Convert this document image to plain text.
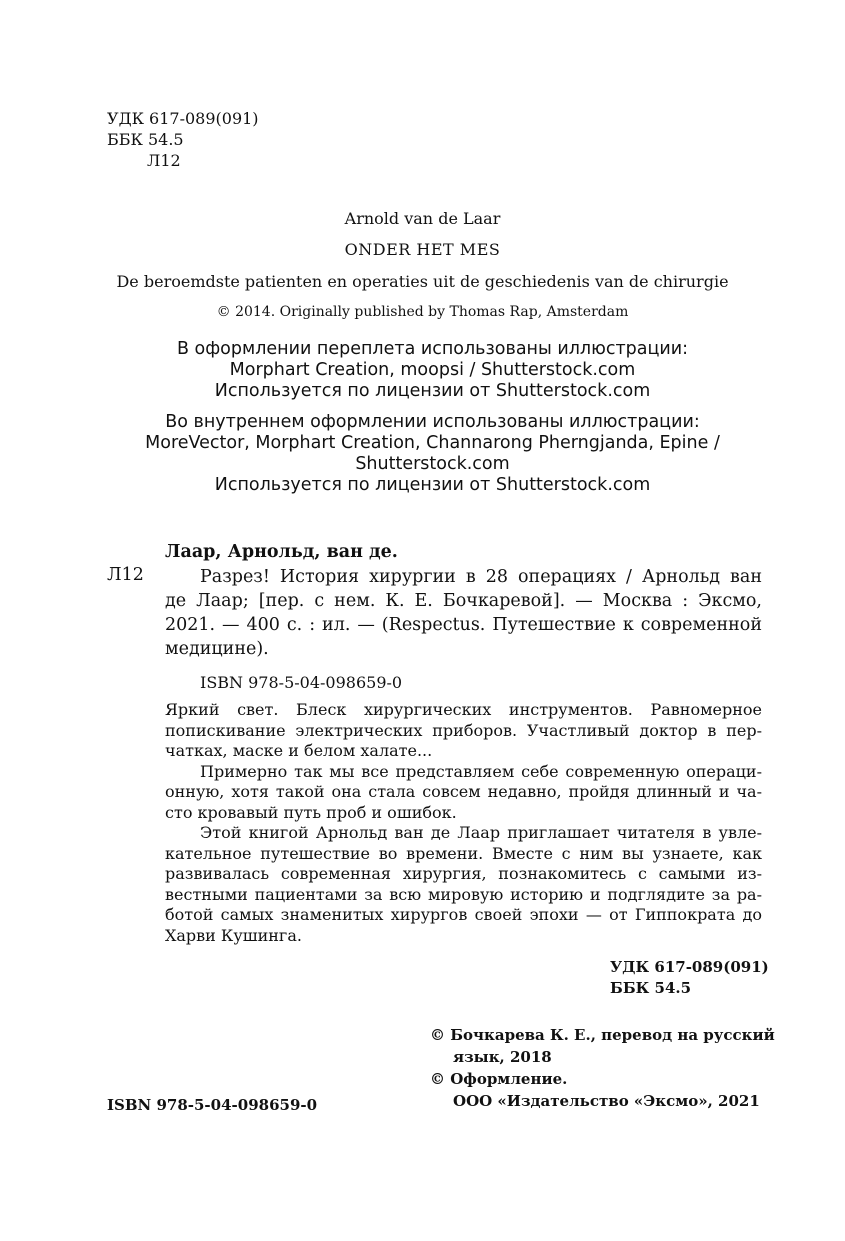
УДК 617-089(091)
ББК 54.5
Л12
Arnold van de Laar
ONDER HET MES
De beroemdste patienten en operaties uit de geschiedenis van de chirurgie
© 2014. Originally published by Thomas Rap, Amsterdam
В оформлении переплета использованы иллюстрации:
Morphart Creation, moopsi / Shutterstock.com
Используется по лицензии от Shutterstock.com
Во внутреннем оформлении использованы иллюстрации:
MoreVector, Morphart Creation, Channarong Pherngjanda, Epine /
Shutterstock.com
Используется по лицензии от Shutterstock.com
Лаар, Арнольд, ван де.
Л12	Разрез! История хирургии в 28 операциях / Арнольд ван
де Лаар; [пер. с нем. К. Е. Бочкаревой]. — Москва : Эксмо,
2021. — 400 с. : ил. — (Respectus. Путешествие к современной
медицине).
ISBN 978-5-04-098659-0
Яркий свет. Блеск хирургических инструментов. Равномерное
попискивание электрических приборов. Участливый доктор в пер-
чатках, маске и белом халате...
Примерно так мы все представляем себе современную операци-
онную, хотя такой она стала совсем недавно, пройдя длинный и ча-
сто кровавый путь проб и ошибок.
Этой книгой Арнольд ван де Лаар приглашает читателя в увле-
кательное путешествие во времени. Вместе с ним вы узнаете, как
развивалась современная хирургия, познакомитесь с самыми из-
вестными пациентами за всю мировую историю и подглядите за ра-
ботой самых знаменитых хирургов своей эпохи — от Гиппократа до
Харви Кушинга.
УДК 617-089(091)
ББК 54.5
© Бочкарева К. Е., перевод на русский
язык, 2018
© Оформление.
ООО «Издательство «Эксмо», 2021
ISBN 978-5-04-098659-0
